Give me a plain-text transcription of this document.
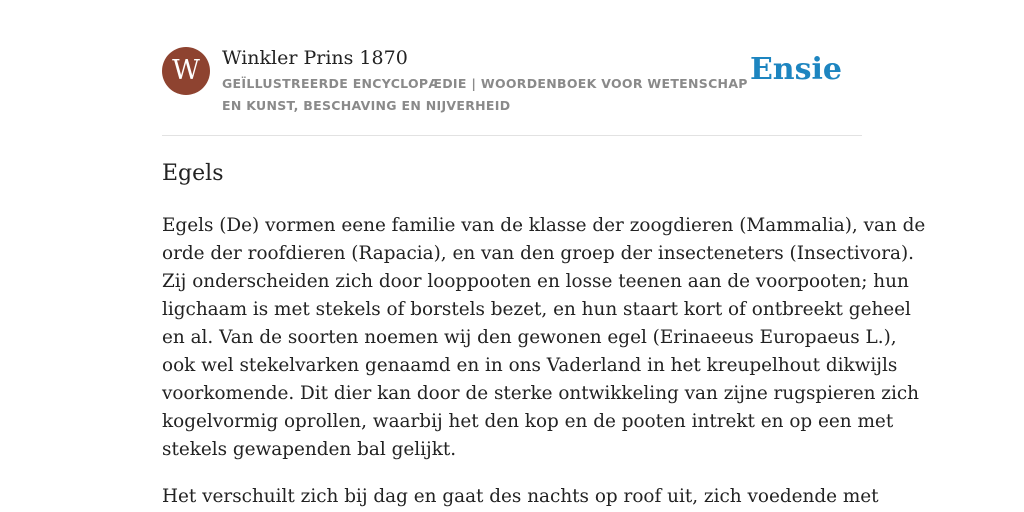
W	Winkler Prins 1870
GEÏLLUSTREERDE ENCYCLOPÆDIE | WOORDENBOEK VOOR WETENSCHAP EN KUNST, BESCHAVING EN NIJVERHEID
Ensie
Egels

Egels (De) vormen eene familie van de klasse der zoogdieren (Mammalia), van de
orde der roofdieren (Rapacia), en van den groep der insecteneters (Insectivora).
Zij onderscheiden zich door looppooten en losse teenen aan de voorpooten; hun
ligchaam is met stekels of borstels bezet, en hun staart kort of ontbreekt geheel
en al. Van de soorten noemen wij den gewonen egel (Erinaeeus Europaeus L.),
ook wel stekelvarken genaamd en in ons Vaderland in het kreupelhout dikwijls
voorkomende. Dit dier kan door de sterke ontwikkeling van zijne rugspieren zich
kogelvormig oprollen, waarbij het den kop en de pooten intrekt en op een met
stekels gewapenden bal gelijkt.

Het verschuilt zich bij dag en gaat des nachts op roof uit, zich voedende met
